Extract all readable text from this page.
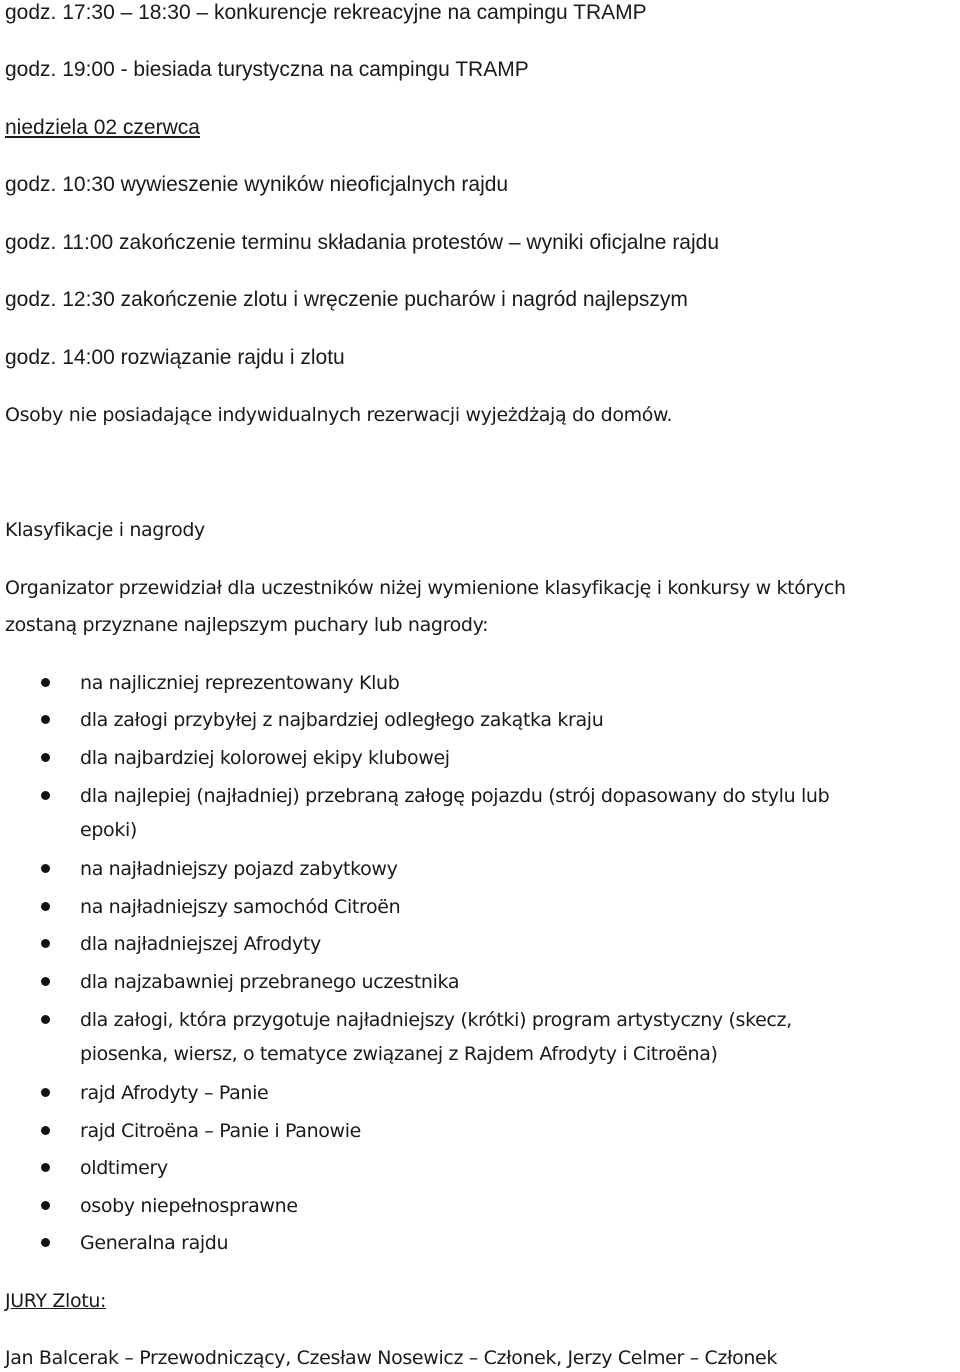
godz. 17:30 – 18:30 – konkurencje rekreacyjne na campingu TRAMP
godz. 19:00 - biesiada turystyczna na campingu TRAMP
niedziela 02 czerwca
godz. 10:30 wywieszenie wyników nieoficjalnych rajdu
godz. 11:00 zakończenie terminu składania protestów – wyniki oficjalne rajdu
godz. 12:30 zakończenie zlotu i wręczenie pucharów i nagród najlepszym
godz. 14:00 rozwiązanie rajdu i zlotu
Osoby nie posiadające indywidualnych rezerwacji wyjeżdżają do domów.
Klasyfikacje i nagrody
Organizator przewidział dla uczestników niżej wymienione klasyfikację i konkursy w których
zostaną przyznane najlepszym puchary lub nagrody:
na najliczniej reprezentowany Klub
dla załogi przybyłej z najbardziej odległego zakątka kraju
dla najbardziej kolorowej ekipy klubowej
dla najlepiej (najładniej) przebraną załogę pojazdu (strój dopasowany do stylu lub
epoki)
na najładniejszy pojazd zabytkowy
na najładniejszy samochód Citroën
dla najładniejszej Afrodyty
dla najzabawniej przebranego uczestnika
dla załogi, która przygotuje najładniejszy (krótki) program artystyczny (skecz,
piosenka, wiersz, o tematyce związanej z Rajdem Afrodyty i Citroëna)
rajd Afrodyty – Panie
rajd Citroëna – Panie i Panowie
oldtimery
osoby niepełnosprawne
Generalna rajdu
JURY Zlotu:
Jan Balcerak – Przewodniczący, Czesław Nosewicz – Członek, Jerzy Celmer – Członek
